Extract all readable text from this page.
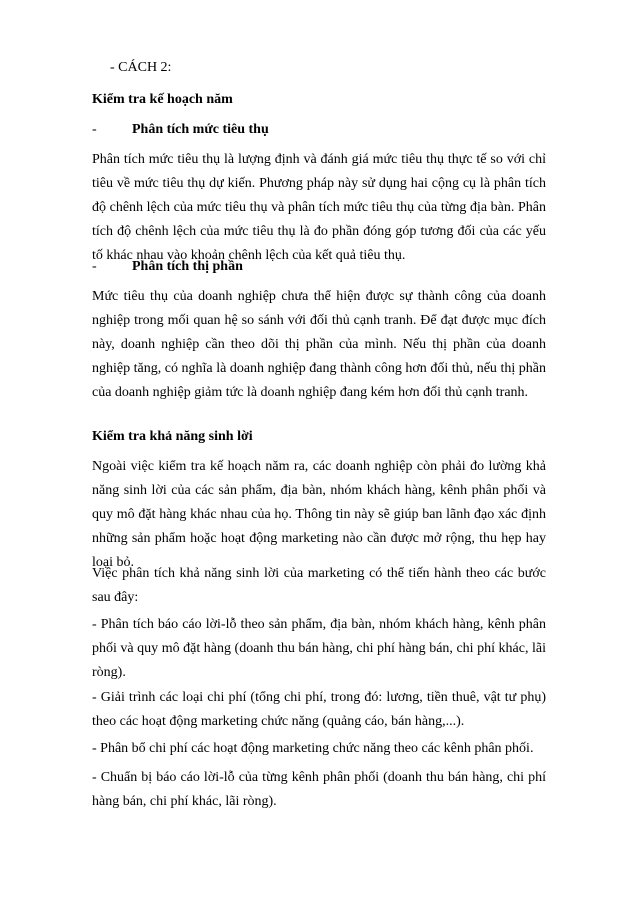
- CÁCH 2:

Kiểm tra kế hoạch năm

-	Phân tích mức tiêu thụ

Phân tích mức tiêu thụ là lượng định và đánh giá mức tiêu thụ thực tế so với chỉ tiêu về mức tiêu thụ dự kiến. Phương pháp này sử dụng hai cộng cụ là phân tích độ chênh lệch của mức tiêu thụ và phân tích mức tiêu thụ của từng địa bàn. Phân tích độ chênh lệch của mức tiêu thụ là đo phần đóng góp tương đối của các yếu tố khác nhau vào khoản chênh lệch của kết quả tiêu thụ.

-	Phân tích thị phần

Mức tiêu thụ của doanh nghiệp chưa thể hiện được sự thành công của doanh nghiệp trong mối quan hệ so sánh với đối thủ cạnh tranh. Để đạt được mục đích này, doanh nghiệp cần theo dõi thị phần của mình. Nếu thị phần của doanh nghiệp tăng, có nghĩa là doanh nghiệp đang thành công hơn đối thủ, nếu thị phần của doanh nghiệp giảm tức là doanh nghiệp đang kém hơn đối thủ cạnh tranh.

Kiểm tra khả năng sinh lời

Ngoài việc kiểm tra kế hoạch năm ra, các doanh nghiệp còn phải đo lường khả năng sinh lời của các sản phẩm, địa bàn, nhóm khách hàng, kênh phân phối và quy mô đặt hàng khác nhau của họ. Thông tin này sẽ giúp ban lãnh đạo xác định những sản phẩm hoặc hoạt động marketing nào cần được mở rộng, thu hẹp hay loại bỏ.

Việc phân tích khả năng sinh lời của marketing có thể tiến hành theo các bước sau đây:

- Phân tích báo cáo lời-lỗ theo sản phẩm, địa bàn, nhóm khách hàng, kênh phân phối và quy mô đặt hàng (doanh thu bán hàng, chi phí hàng bán, chi phí khác, lãi ròng).

- Giải trình các loại chi phí (tổng chi phí, trong đó: lương, tiền thuê, vật tư phụ) theo các hoạt động marketing chức năng (quảng cáo, bán hàng,...).

- Phân bổ chi phí các hoạt động marketing chức năng theo các kênh phân phối.

- Chuẩn bị báo cáo lời-lỗ của từng kênh phân phối (doanh thu bán hàng, chi phí hàng bán, chi phí khác, lãi ròng).
